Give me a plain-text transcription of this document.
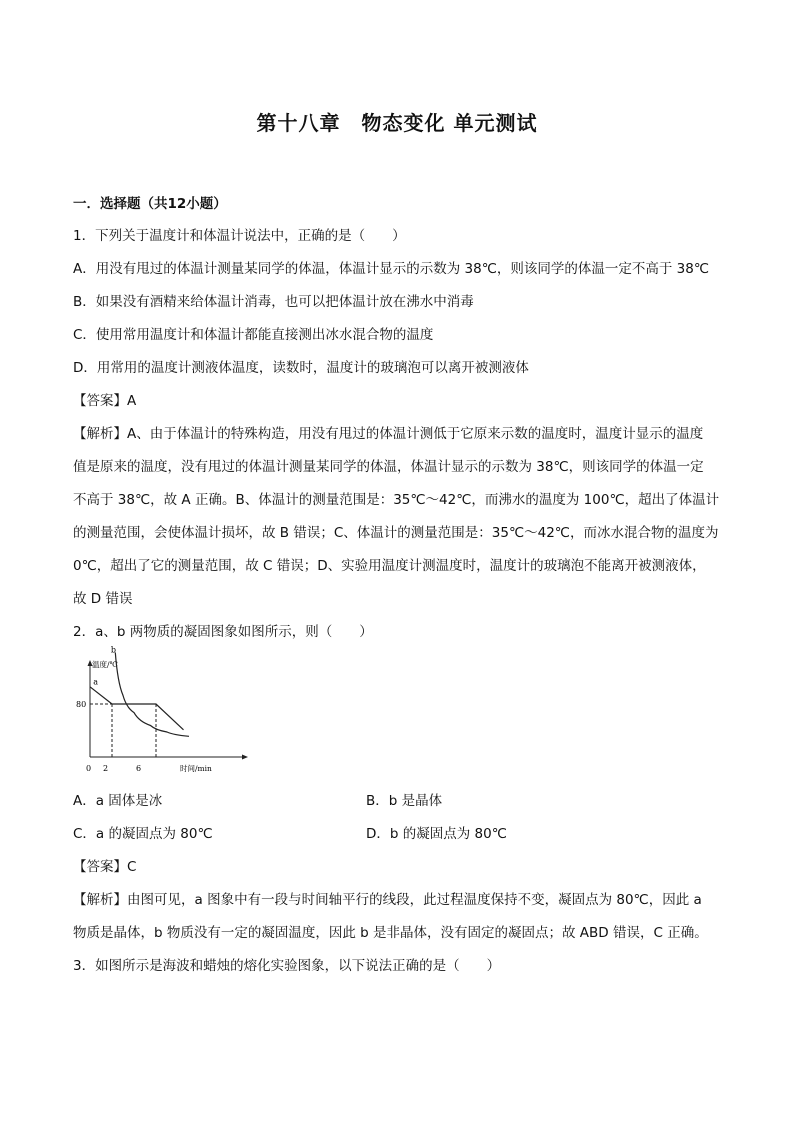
第十八章　物态变化 单元测试
一．选择题（共12小题）
1．下列关于温度计和体温计说法中，正确的是（　　）
A．用没有甩过的体温计测量某同学的体温，体温计显示的示数为 38℃，则该同学的体温一定不高于 38℃
B．如果没有酒精来给体温计消毒，也可以把体温计放在沸水中消毒
C．使用常用温度计和体温计都能直接测出冰水混合物的温度
D．用常用的温度计测液体温度，读数时，温度计的玻璃泡可以离开被测液体
【答案】A
【解析】A、由于体温计的特殊构造，用没有甩过的体温计测低于它原来示数的温度时，温度计显示的温度
值是原来的温度，没有甩过的体温计测量某同学的体温，体温计显示的示数为 38℃，则该同学的体温一定
不高于 38℃，故 A 正确。B、体温计的测量范围是：35℃～42℃，而沸水的温度为 100℃，超出了体温计
的测量范围，会使体温计损坏，故 B 错误；C、体温计的测量范围是：35℃～42℃，而冰水混合物的温度为
0℃，超出了它的测量范围，故 C 错误；D、实验用温度计测温度时，温度计的玻璃泡不能离开被测液体，
故 D 错误
2．a、b 两物质的凝固图象如图所示，则（　　）
温度/℃
时间/min
80
0 2	6
a
b
A．a 固体是冰	B．b 是晶体
C．a 的凝固点为 80℃	D．b 的凝固点为 80℃
【答案】C
【解析】由图可见，a 图象中有一段与时间轴平行的线段，此过程温度保持不变，凝固点为 80℃，因此 a
物质是晶体，b 物质没有一定的凝固温度，因此 b 是非晶体，没有固定的凝固点；故 ABD 错误，C 正确。
3．如图所示是海波和蜡烛的熔化实验图象，以下说法正确的是（　　）
